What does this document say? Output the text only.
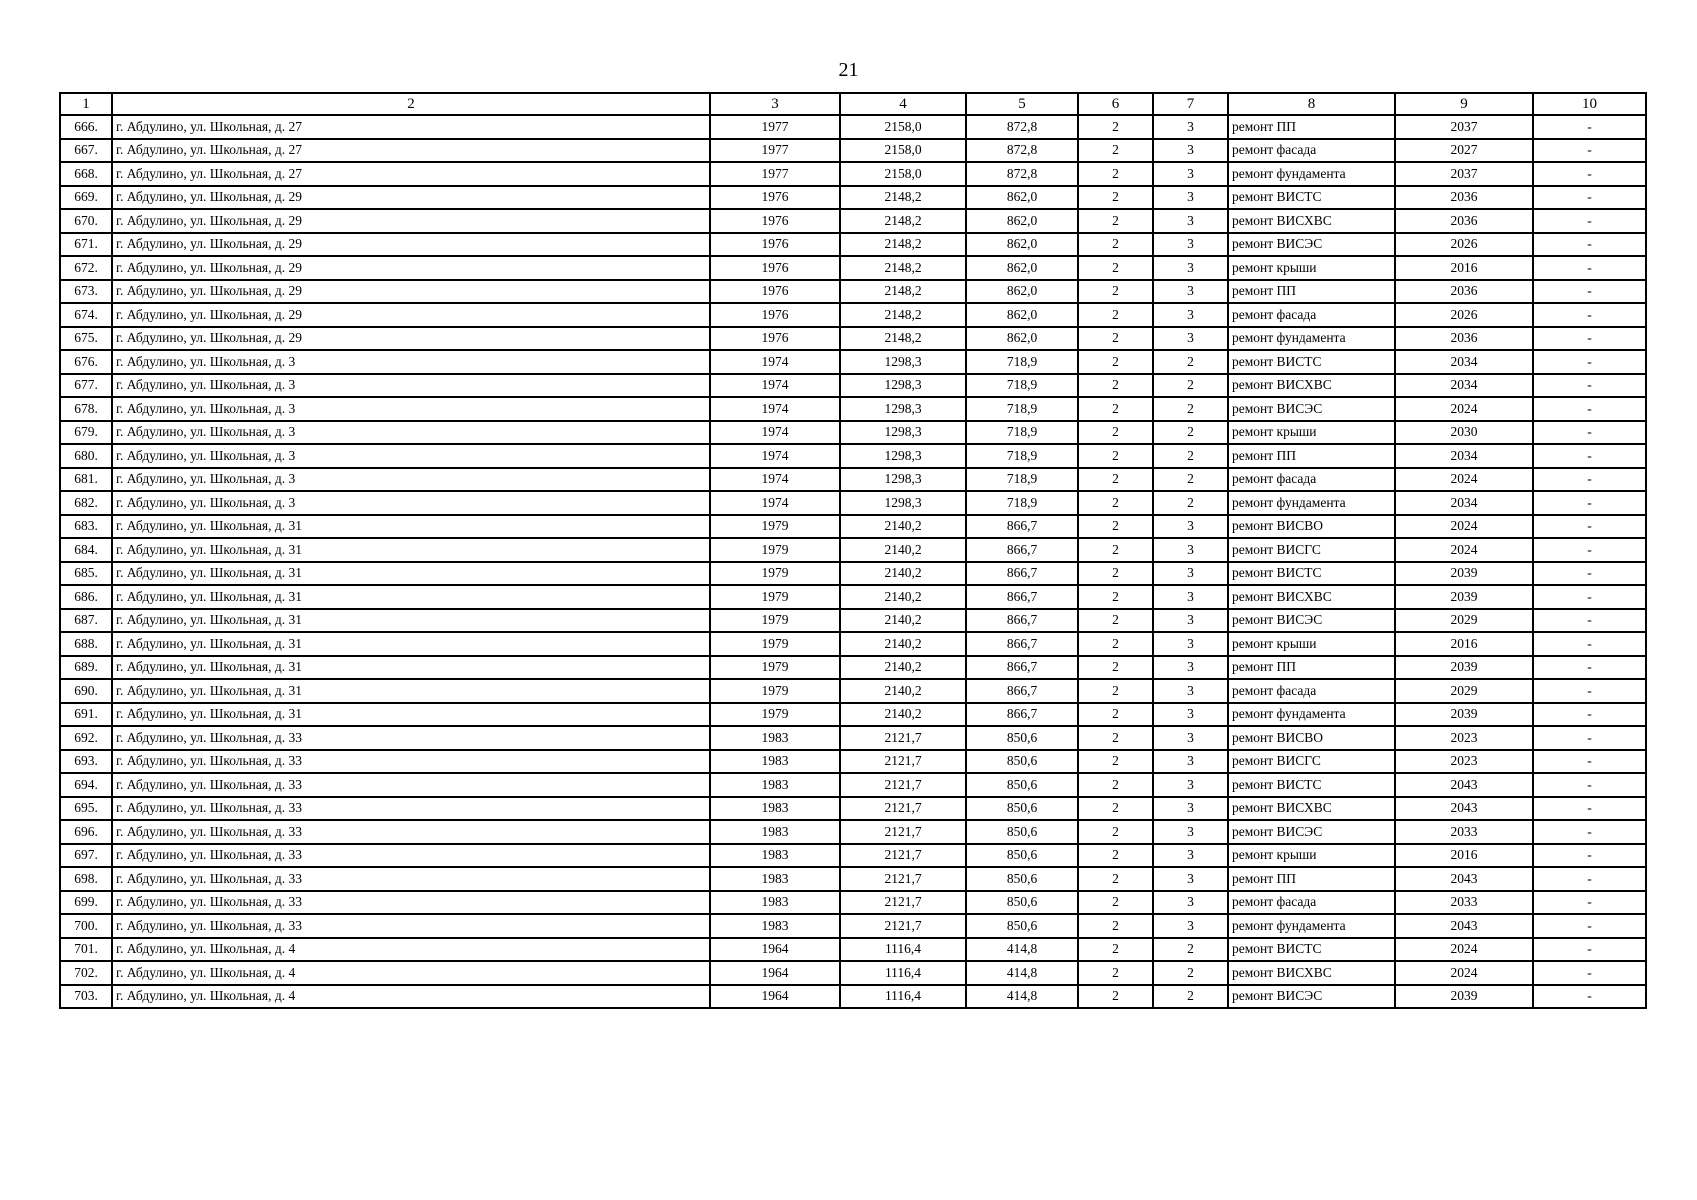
21
1	2	3	4	5	6	7	8	9	10
666.	г. Абдулино, ул. Школьная, д. 27	1977	2158,0	872,8	2	3	ремонт ПП	2037	-
667.	г. Абдулино, ул. Школьная, д. 27	1977	2158,0	872,8	2	3	ремонт фасада	2027	-
668.	г. Абдулино, ул. Школьная, д. 27	1977	2158,0	872,8	2	3	ремонт фундамента	2037	-
669.	г. Абдулино, ул. Школьная, д. 29	1976	2148,2	862,0	2	3	ремонт ВИСТС	2036	-
670.	г. Абдулино, ул. Школьная, д. 29	1976	2148,2	862,0	2	3	ремонт ВИСХВС	2036	-
671.	г. Абдулино, ул. Школьная, д. 29	1976	2148,2	862,0	2	3	ремонт ВИСЭС	2026	-
672.	г. Абдулино, ул. Школьная, д. 29	1976	2148,2	862,0	2	3	ремонт крыши	2016	-
673.	г. Абдулино, ул. Школьная, д. 29	1976	2148,2	862,0	2	3	ремонт ПП	2036	-
674.	г. Абдулино, ул. Школьная, д. 29	1976	2148,2	862,0	2	3	ремонт фасада	2026	-
675.	г. Абдулино, ул. Школьная, д. 29	1976	2148,2	862,0	2	3	ремонт фундамента	2036	-
676.	г. Абдулино, ул. Школьная, д. 3	1974	1298,3	718,9	2	2	ремонт ВИСТС	2034	-
677.	г. Абдулино, ул. Школьная, д. 3	1974	1298,3	718,9	2	2	ремонт ВИСХВС	2034	-
678.	г. Абдулино, ул. Школьная, д. 3	1974	1298,3	718,9	2	2	ремонт ВИСЭС	2024	-
679.	г. Абдулино, ул. Школьная, д. 3	1974	1298,3	718,9	2	2	ремонт крыши	2030	-
680.	г. Абдулино, ул. Школьная, д. 3	1974	1298,3	718,9	2	2	ремонт ПП	2034	-
681.	г. Абдулино, ул. Школьная, д. 3	1974	1298,3	718,9	2	2	ремонт фасада	2024	-
682.	г. Абдулино, ул. Школьная, д. 3	1974	1298,3	718,9	2	2	ремонт фундамента	2034	-
683.	г. Абдулино, ул. Школьная, д. 31	1979	2140,2	866,7	2	3	ремонт ВИСВО	2024	-
684.	г. Абдулино, ул. Школьная, д. 31	1979	2140,2	866,7	2	3	ремонт ВИСГС	2024	-
685.	г. Абдулино, ул. Школьная, д. 31	1979	2140,2	866,7	2	3	ремонт ВИСТС	2039	-
686.	г. Абдулино, ул. Школьная, д. 31	1979	2140,2	866,7	2	3	ремонт ВИСХВС	2039	-
687.	г. Абдулино, ул. Школьная, д. 31	1979	2140,2	866,7	2	3	ремонт ВИСЭС	2029	-
688.	г. Абдулино, ул. Школьная, д. 31	1979	2140,2	866,7	2	3	ремонт крыши	2016	-
689.	г. Абдулино, ул. Школьная, д. 31	1979	2140,2	866,7	2	3	ремонт ПП	2039	-
690.	г. Абдулино, ул. Школьная, д. 31	1979	2140,2	866,7	2	3	ремонт фасада	2029	-
691.	г. Абдулино, ул. Школьная, д. 31	1979	2140,2	866,7	2	3	ремонт фундамента	2039	-
692.	г. Абдулино, ул. Школьная, д. 33	1983	2121,7	850,6	2	3	ремонт ВИСВО	2023	-
693.	г. Абдулино, ул. Школьная, д. 33	1983	2121,7	850,6	2	3	ремонт ВИСГС	2023	-
694.	г. Абдулино, ул. Школьная, д. 33	1983	2121,7	850,6	2	3	ремонт ВИСТС	2043	-
695.	г. Абдулино, ул. Школьная, д. 33	1983	2121,7	850,6	2	3	ремонт ВИСХВС	2043	-
696.	г. Абдулино, ул. Школьная, д. 33	1983	2121,7	850,6	2	3	ремонт ВИСЭС	2033	-
697.	г. Абдулино, ул. Школьная, д. 33	1983	2121,7	850,6	2	3	ремонт крыши	2016	-
698.	г. Абдулино, ул. Школьная, д. 33	1983	2121,7	850,6	2	3	ремонт ПП	2043	-
699.	г. Абдулино, ул. Школьная, д. 33	1983	2121,7	850,6	2	3	ремонт фасада	2033	-
700.	г. Абдулино, ул. Школьная, д. 33	1983	2121,7	850,6	2	3	ремонт фундамента	2043	-
701.	г. Абдулино, ул. Школьная, д. 4	1964	1116,4	414,8	2	2	ремонт ВИСТС	2024	-
702.	г. Абдулино, ул. Школьная, д. 4	1964	1116,4	414,8	2	2	ремонт ВИСХВС	2024	-
703.	г. Абдулино, ул. Школьная, д. 4	1964	1116,4	414,8	2	2	ремонт ВИСЭС	2039	-
